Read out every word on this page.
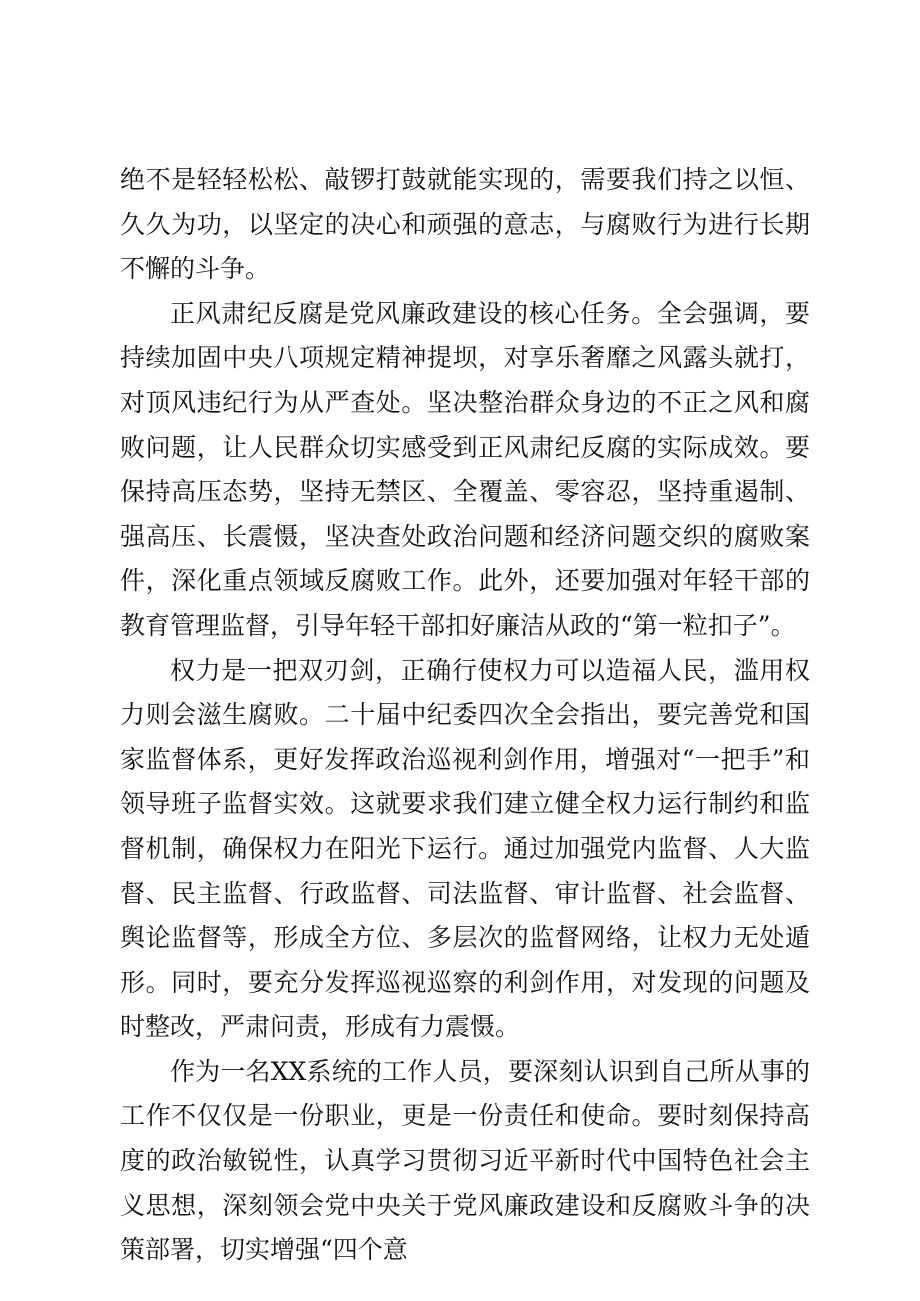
绝不是轻轻松松、敲锣打鼓就能实现的，需要我们持之以恒、久久为功，以坚定的决心和顽强的意志，与腐败行为进行长期不懈的斗争。

正风肃纪反腐是党风廉政建设的核心任务。全会强调，要持续加固中央八项规定精神提坝，对享乐奢靡之风露头就打，对顶风违纪行为从严查处。坚决整治群众身边的不正之风和腐败问题，让人民群众切实感受到正风肃纪反腐的实际成效。要保持高压态势，坚持无禁区、全覆盖、零容忍，坚持重遏制、强高压、长震慑，坚决查处政治问题和经济问题交织的腐败案件，深化重点领域反腐败工作。此外，还要加强对年轻干部的教育管理监督，引导年轻干部扣好廉洁从政的“第一粒扣子”。

权力是一把双刃剑，正确行使权力可以造福人民，滥用权力则会滋生腐败。二十届中纪委四次全会指出，要完善党和国家监督体系，更好发挥政治巡视利剑作用，增强对“一把手”和领导班子监督实效。这就要求我们建立健全权力运行制约和监督机制，确保权力在阳光下运行。通过加强党内监督、人大监督、民主监督、行政监督、司法监督、审计监督、社会监督、舆论监督等，形成全方位、多层次的监督网络，让权力无处遁形。同时，要充分发挥巡视巡察的利剑作用，对发现的问题及时整改，严肃问责，形成有力震慑。

作为一名XX系统的工作人员，要深刻认识到自己所从事的工作不仅仅是一份职业，更是一份责任和使命。要时刻保持高度的政治敏锐性，认真学习贯彻习近平新时代中国特色社会主义思想，深刻领会党中央关于党风廉政建设和反腐败斗争的决策部署，切实增强“四个意
